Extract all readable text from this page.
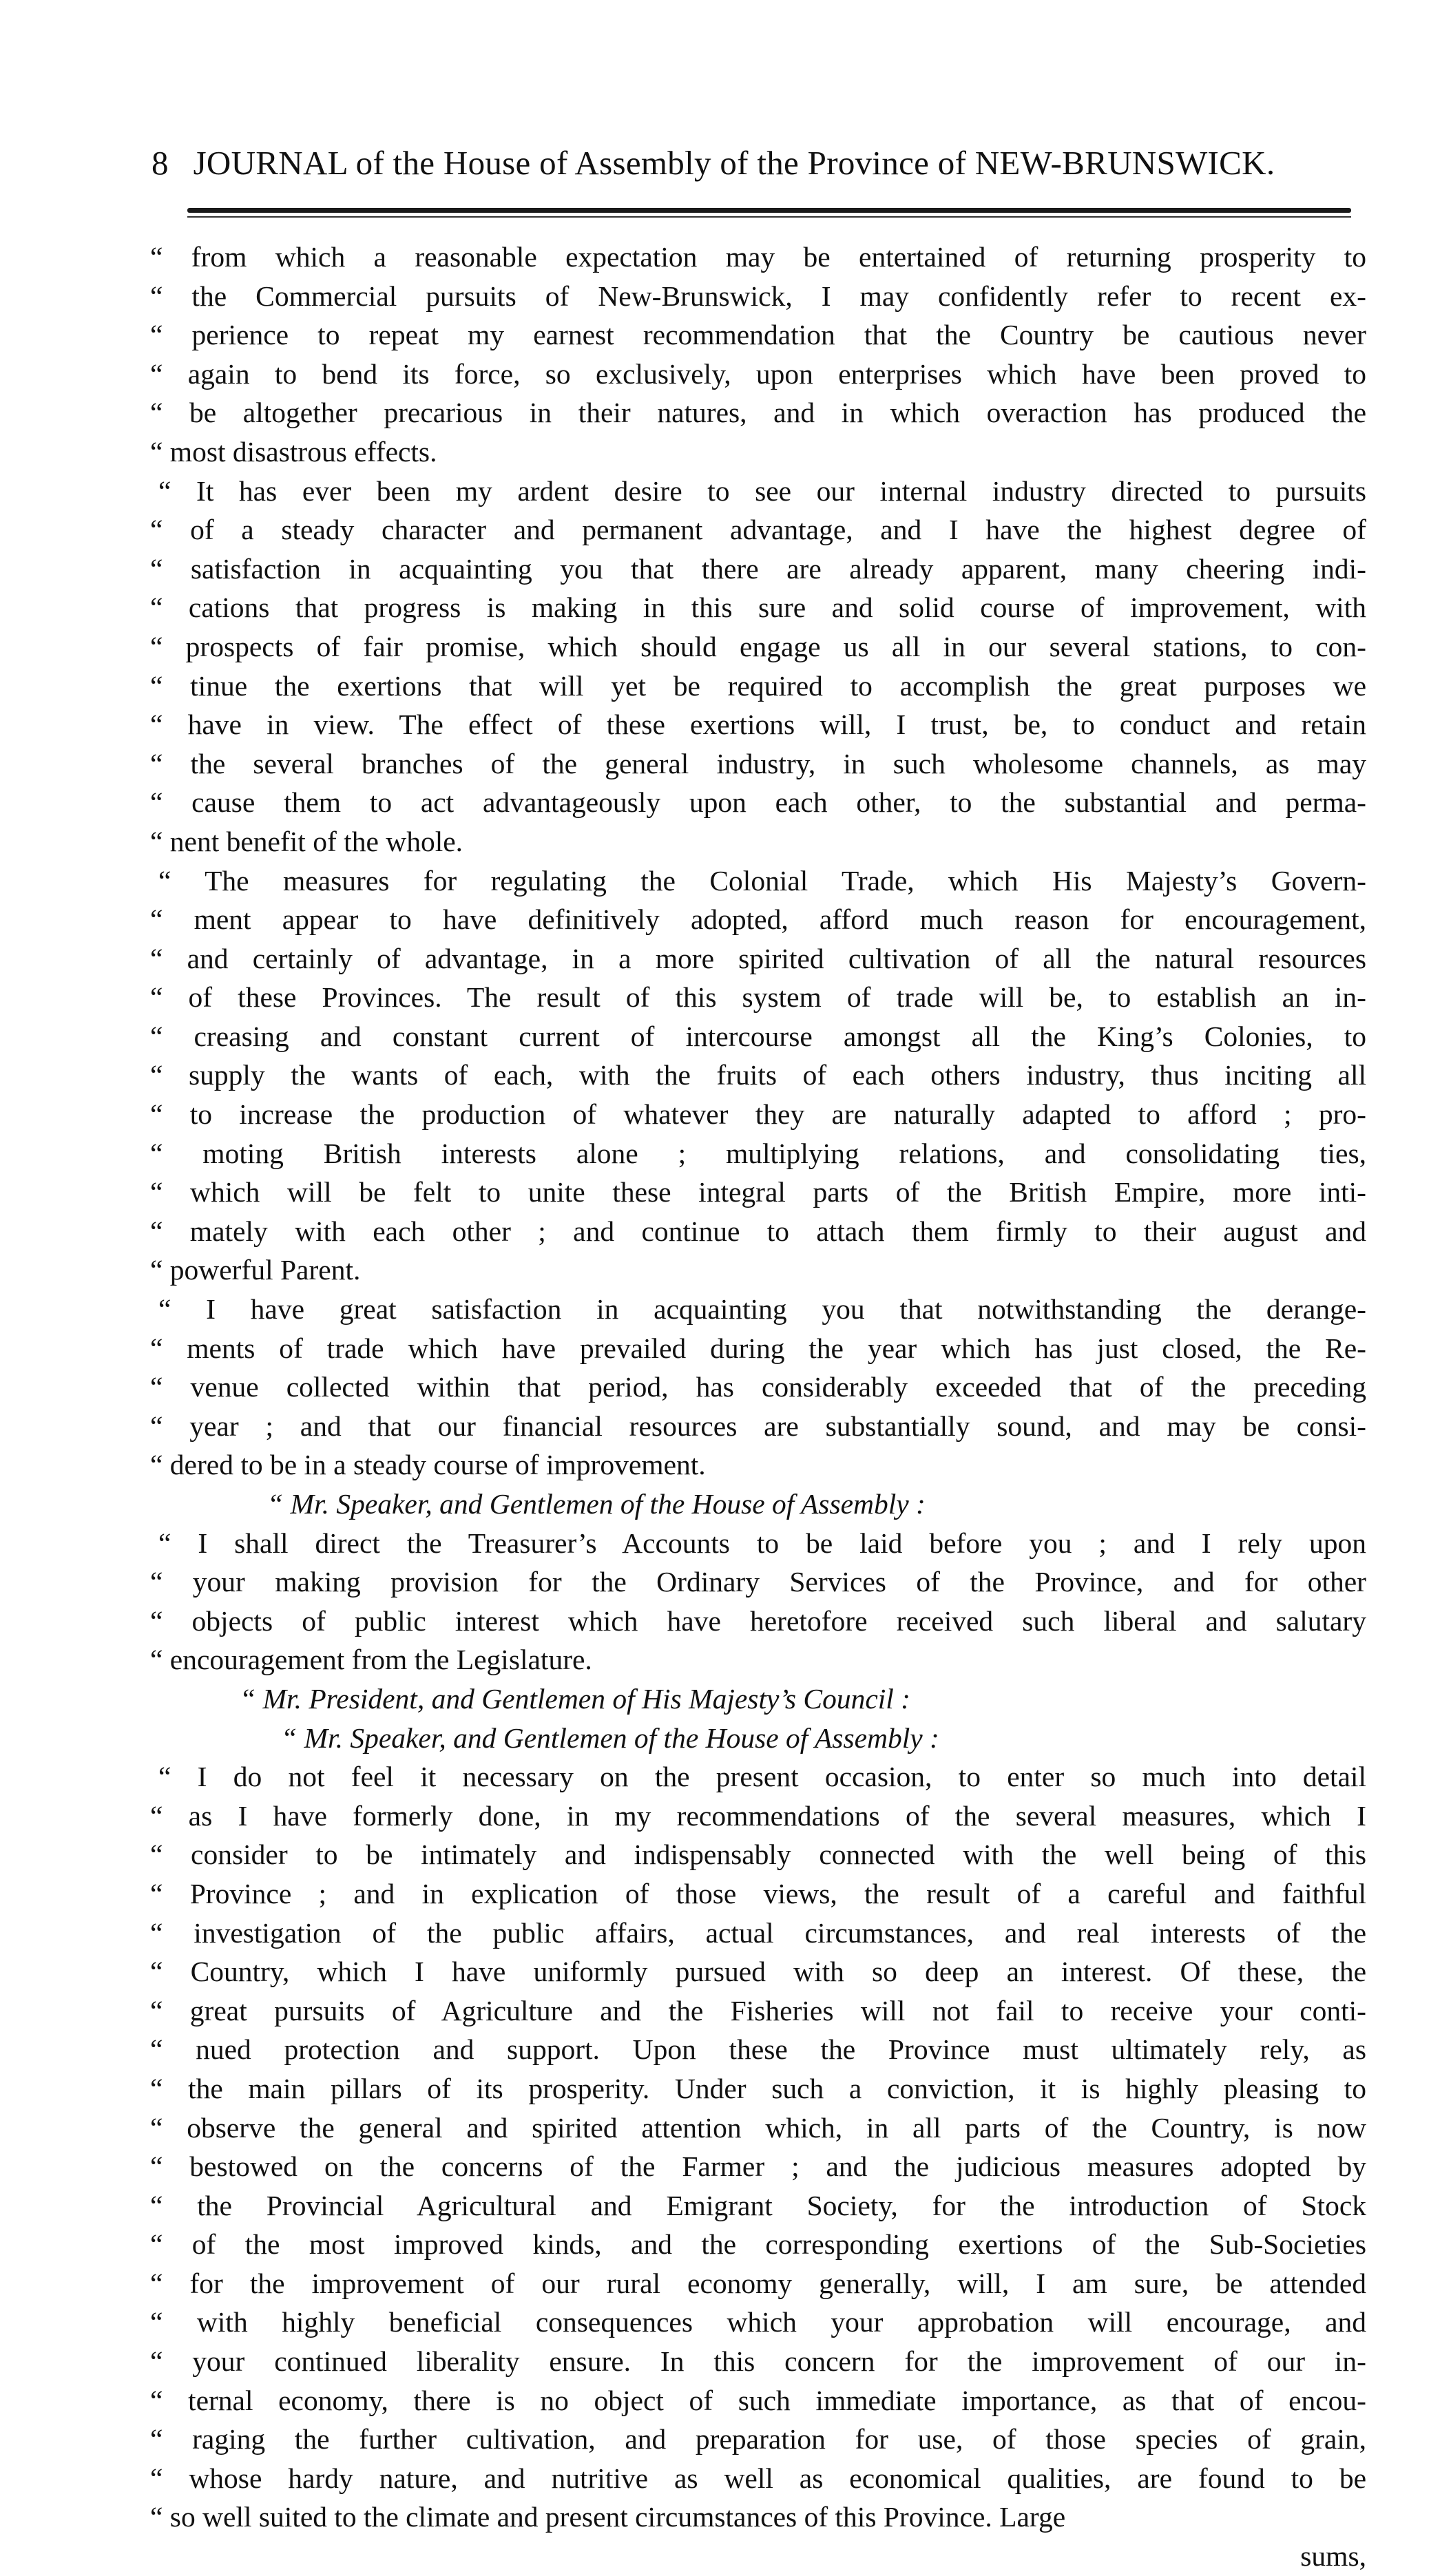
8 JOURNAL of the House of Assembly of the Province of NEW-BRUNSWICK.
“ from which a reasonable expectation may be entertained of returning prosperity to
“ the Commercial pursuits of New-Brunswick, I may confidently refer to recent ex-
“ perience to repeat my earnest recommendation that the Country be cautious never
“ again to bend its force, so exclusively, upon enterprises which have been proved to
“ be altogether precarious in their natures, and in which overaction has produced the
“ most disastrous effects.
“ It has ever been my ardent desire to see our internal industry directed to pursuits
“ of a steady character and permanent advantage, and I have the highest degree of
“ satisfaction in acquainting you that there are already apparent, many cheering indi-
“ cations that progress is making in this sure and solid course of improvement, with
“ prospects of fair promise, which should engage us all in our several stations, to con-
“ tinue the exertions that will yet be required to accomplish the great purposes we
“ have in view. The effect of these exertions will, I trust, be, to conduct and retain
“ the several branches of the general industry, in such wholesome channels, as may
“ cause them to act advantageously upon each other, to the substantial and perma-
“ nent benefit of the whole.
“ The measures for regulating the Colonial Trade, which His Majesty’s Govern-
“ ment appear to have definitively adopted, afford much reason for encouragement,
“ and certainly of advantage, in a more spirited cultivation of all the natural resources
“ of these Provinces. The result of this system of trade will be, to establish an in-
“ creasing and constant current of intercourse amongst all the King’s Colonies, to
“ supply the wants of each, with the fruits of each others industry, thus inciting all
“ to increase the production of whatever they are naturally adapted to afford ; pro-
“ moting British interests alone ; multiplying relations, and consolidating ties,
“ which will be felt to unite these integral parts of the British Empire, more inti-
“ mately with each other ; and continue to attach them firmly to their august and
“ powerful Parent.
“ I have great satisfaction in acquainting you that notwithstanding the derange-
“ ments of trade which have prevailed during the year which has just closed, the Re-
“ venue collected within that period, has considerably exceeded that of the preceding
“ year ; and that our financial resources are substantially sound, and may be consi-
“ dered to be in a steady course of improvement.
“ Mr. Speaker, and Gentlemen of the House of Assembly :
“ I shall direct the Treasurer’s Accounts to be laid before you ; and I rely upon
“ your making provision for the Ordinary Services of the Province, and for other
“ objects of public interest which have heretofore received such liberal and salutary
“ encouragement from the Legislature.
“ Mr. President, and Gentlemen of His Majesty’s Council :
“ Mr. Speaker, and Gentlemen of the House of Assembly :
“ I do not feel it necessary on the present occasion, to enter so much into detail
“ as I have formerly done, in my recommendations of the several measures, which I
“ consider to be intimately and indispensably connected with the well being of this
“ Province ; and in explication of those views, the result of a careful and faithful
“ investigation of the public affairs, actual circumstances, and real interests of the
“ Country, which I have uniformly pursued with so deep an interest. Of these, the
“ great pursuits of Agriculture and the Fisheries will not fail to receive your conti-
“ nued protection and support. Upon these the Province must ultimately rely, as
“ the main pillars of its prosperity. Under such a conviction, it is highly pleasing to
“ observe the general and spirited attention which, in all parts of the Country, is now
“ bestowed on the concerns of the Farmer ; and the judicious measures adopted by
“ the Provincial Agricultural and Emigrant Society, for the introduction of Stock
“ of the most improved kinds, and the corresponding exertions of the Sub-Societies
“ for the improvement of our rural economy generally, will, I am sure, be attended
“ with highly beneficial consequences which your approbation will encourage, and
“ your continued liberality ensure. In this concern for the improvement of our in-
“ ternal economy, there is no object of such immediate importance, as that of encou-
“ raging the further cultivation, and preparation for use, of those species of grain,
“ whose hardy nature, and nutritive as well as economical qualities, are found to be
“ so well suited to the climate and present circumstances of this Province. Large
sums,
